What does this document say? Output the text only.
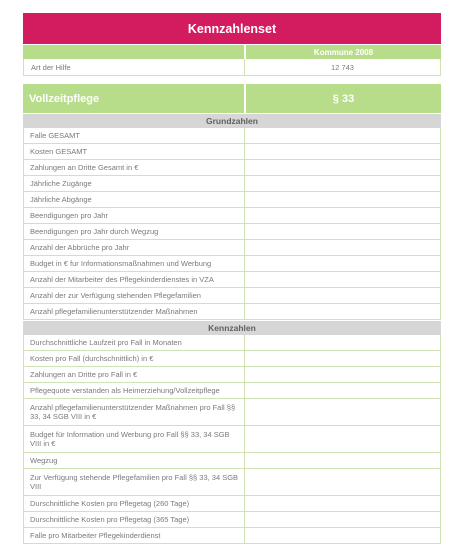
Kennzahlenset
Kommune 2008
Art der Hilfe	12 743
Vollzeitpflege	§ 33
Grundzahlen
Falle GESAMT
Kosten GESAMT
Zahlungen an Dritte Gesamt in €
Jährliche Zugänge
Jährliche Abgänge
Beendigungen pro Jahr
Beendigungen pro Jahr durch Wegzug
Anzahl der Abbrüche pro Jahr
Budget in € fur Informationsmaßnahmen und Werbung
Anzahl der Mitarbeiter des Pflegekinderdienstes in VZA
Anzahl der zur Verfügung stehenden Pflegefamilien
Anzahl pflegefamilienunterstützender Maßnahmen
Kennzahlen
Durchschnittliche Laufzeit pro Fall in Monaten
Kosten pro Fall (durchschnittlich) in €
Zahlungen an Dritte pro Fall in €
Pflegequote verstanden als Heimerziehung/Vollzeitpflege
Anzahl pflegefamilienunterstützender Maßnahmen pro Fall §§ 33, 34 SGB VIII in €
Budget für Information und Werbung pro Fall §§ 33, 34 SGB VIII in €
Wegzug
Zur Verfügung stehende Pflegefamilien pro Fall §§ 33, 34 SGB VIII
Durschnittliche Kosten pro Pflegetag (260 Tage)
Durschnittliche Kosten pro Pflegetag (365 Tage)
Falle pro Mitarbeiter Pflegekinderdienst
